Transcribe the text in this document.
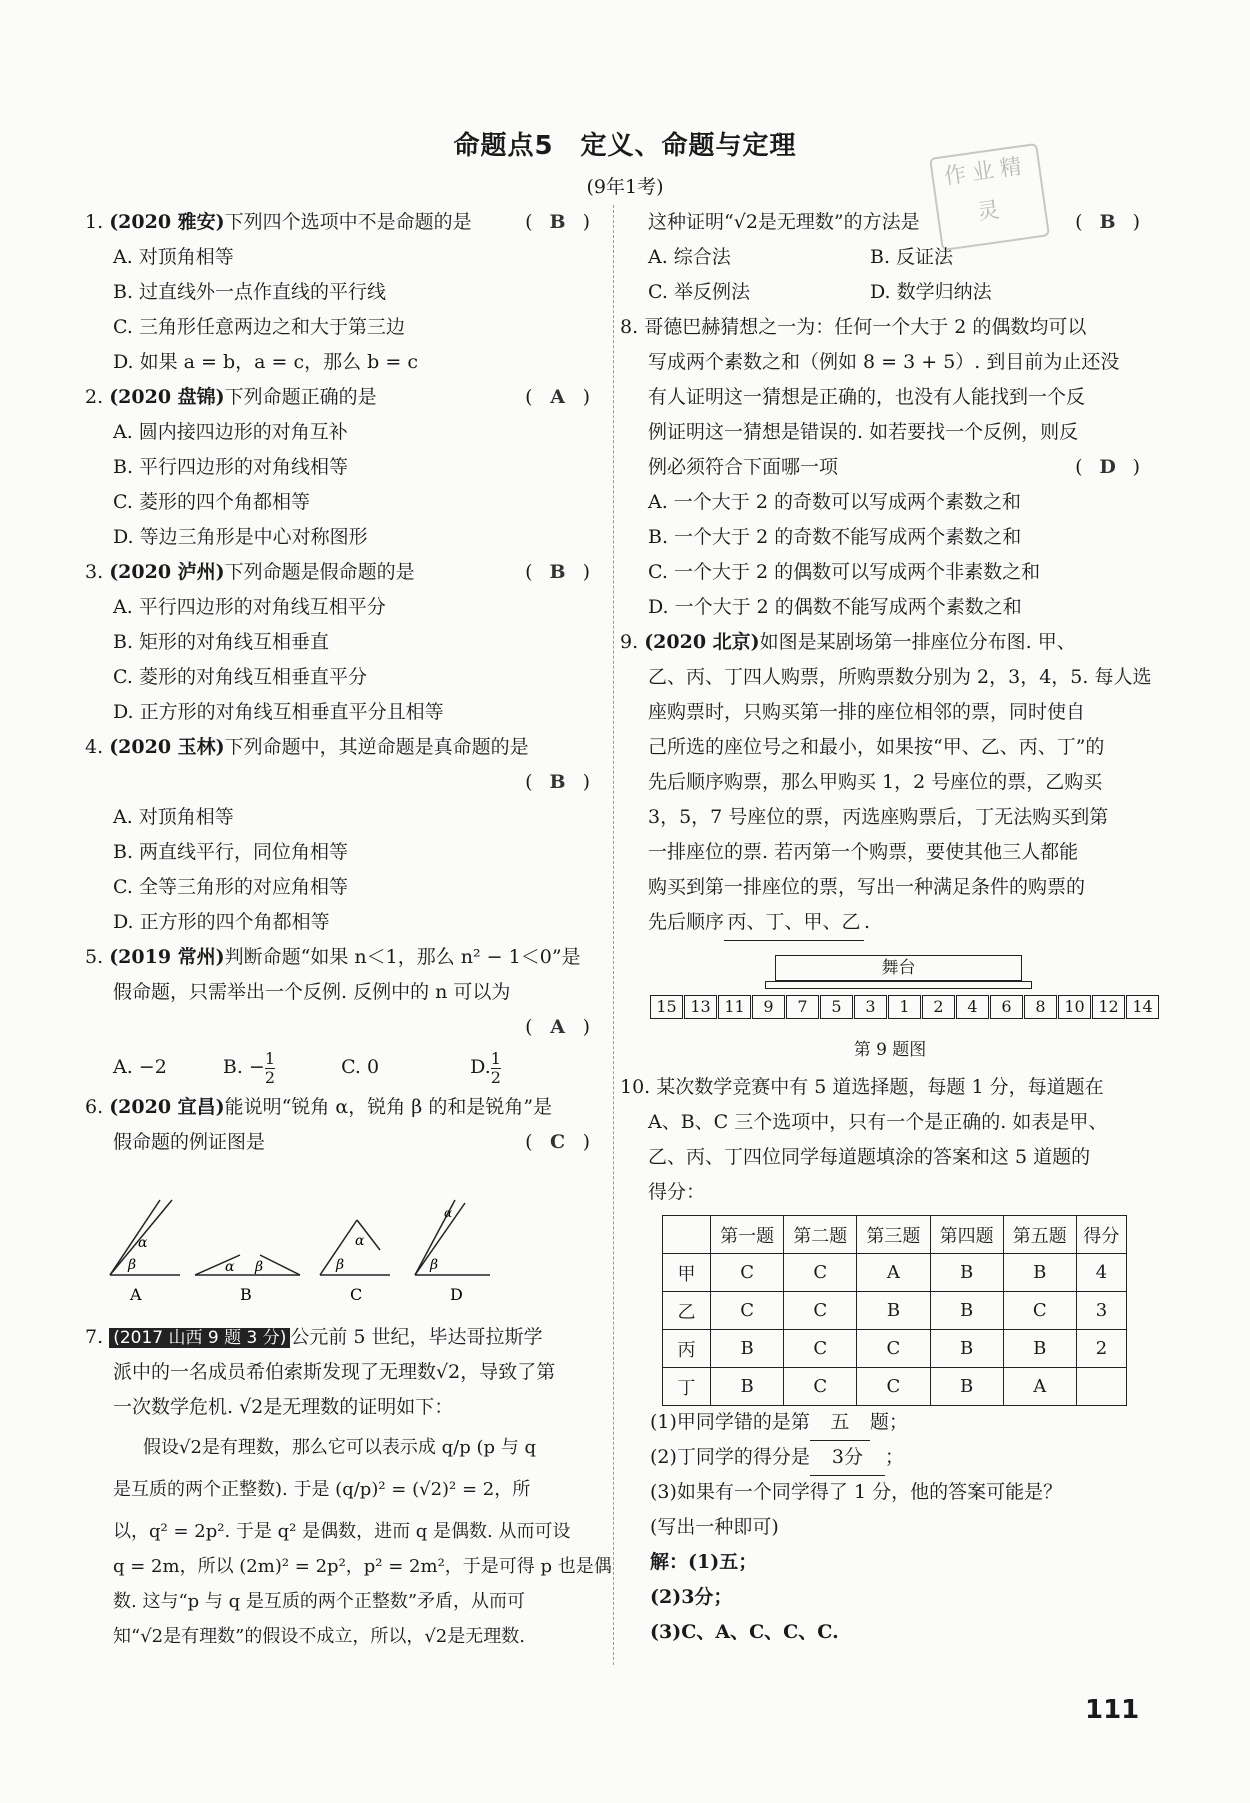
命题点5　定义、命题与定理
(9年1考)	作业精灵
1. (2020 雅安)下列四个选项中不是命题的是	( B )
A. 对顶角相等
B. 过直线外一点作直线的平行线
C. 三角形任意两边之和大于第三边
D. 如果 a = b，a = c，那么 b = c
2. (2020 盘锦)下列命题正确的是	( A )
A. 圆内接四边形的对角互补
B. 平行四边形的对角线相等
C. 菱形的四个角都相等
D. 等边三角形是中心对称图形
3. (2020 泸州)下列命题是假命题的是	( B )
A. 平行四边形的对角线互相平分
B. 矩形的对角线互相垂直
C. 菱形的对角线互相垂直平分
D. 正方形的对角线互相垂直平分且相等
4. (2020 玉林)下列命题中，其逆命题是真命题的是
( B )
A. 对顶角相等
B. 两直线平行，同位角相等
C. 全等三角形的对应角相等
D. 正方形的四个角都相等
5. (2019 常州)判断命题“如果 n＜1，那么 n² − 1＜0”是
假命题，只需举出一个反例. 反例中的 n 可以为
( A )
A. −2	B. − $\frac{1}{2}$	C. 0	D. $\frac{1}{2}$
6. (2020 宜昌)能说明“锐角 α，锐角 β 的和是锐角”是
假命题的例证图是	( C )
α
β
A
α β
B
α
β
C
α
β
D
7. (2017 山西 9 题 3 分) 公元前 5 世纪，毕达哥拉斯学
派中的一名成员希伯索斯发现了无理数√2，导致了第
一次数学危机. √2是无理数的证明如下：
假设√2是有理数，那么它可以表示成 q/p (p 与 q
是互质的两个正整数). 于是 (q/p)² = (√2)² = 2，所
以，q² = 2p². 于是 q² 是偶数，进而 q 是偶数. 从而可设
q = 2m，所以 (2m)² = 2p²，p² = 2m²，于是可得 p 也是偶
数. 这与“p 与 q 是互质的两个正整数”矛盾，从而可
知“√2是有理数”的假设不成立，所以，√2是无理数.
这种证明“√2是无理数”的方法是	( B )
A. 综合法	B. 反证法
C. 举反例法	D. 数学归纳法
8. 哥德巴赫猜想之一为：任何一个大于 2 的偶数均可以
写成两个素数之和（例如 8 = 3 + 5）. 到目前为止还没
有人证明这一猜想是正确的，也没有人能找到一个反
例证明这一猜想是错误的. 如若要找一个反例，则反
例必须符合下面哪一项	( D )
A. 一个大于 2 的奇数可以写成两个素数之和
B. 一个大于 2 的奇数不能写成两个素数之和
C. 一个大于 2 的偶数可以写成两个非素数之和
D. 一个大于 2 的偶数不能写成两个素数之和
9. (2020 北京)如图是某剧场第一排座位分布图. 甲、
乙、丙、丁四人购票，所购票数分别为 2，3，4，5. 每人选
座购票时，只购买第一排的座位相邻的票，同时使自
己所选的座位号之和最小，如果按“甲、乙、丙、丁”的
先后顺序购票，那么甲购买 1，2 号座位的票，乙购买
3，5，7 号座位的票，丙选座购票后，丁无法购买到第
一排座位的票. 若丙第一个购票，要使其他三人都能
购买到第一排座位的票，写出一种满足条件的购票的
先后顺序 丙、丁、甲、乙 .
舞台
15 13 11	9	7	5	3	1	2	4	6	8	10 12 14
第 9 题图
10. 某次数学竞赛中有 5 道选择题，每题 1 分，每道题在
A、B、C 三个选项中，只有一个是正确的. 如表是甲、
乙、丙、丁四位同学每道题填涂的答案和这 5 道题的
得分：
	第一题	第二题	第三题	第四题	第五题	得分
甲	C	C	A	B	B	4
乙	C	C	B	B	C	3
丙	B	C	C	B	B	2
丁	B	C	C	B	A	
(1)甲同学错的是第 五 题；
(2)丁同学的得分是 3分 ；
(3)如果有一个同学得了 1 分，他的答案可能是？
(写出一种即可)
解：(1)五；
(2)3分；
(3)C、A、C、C、C.
111
